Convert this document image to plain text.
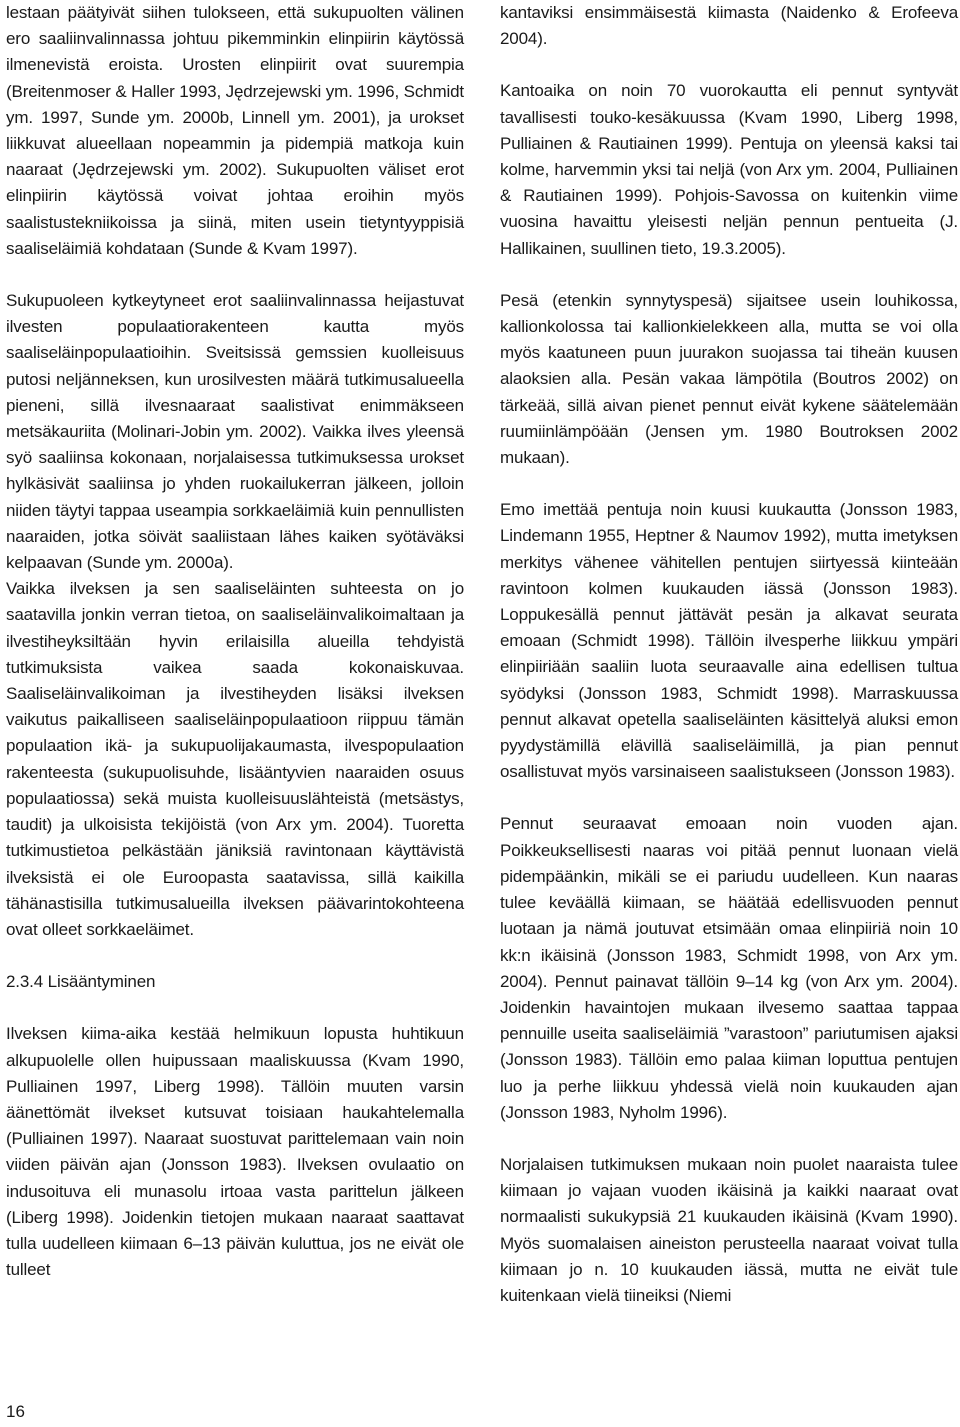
lestaan päätyivät siihen tulokseen, että sukupuolten välinen ero saaliinvalinnassa johtuu pikemminkin elinpiirin käytössä ilmenevistä eroista. Urosten elinpiirit ovat suurempia (Breitenmoser & Haller 1993, Jędrzejewski ym. 1996, Schmidt ym. 1997, Sunde ym. 2000b, Linnell ym. 2001), ja urokset liikkuvat alueellaan nopeammin ja pidempiä matkoja kuin naaraat (Jędrzejewski ym. 2002). Sukupuolten väliset erot elinpiirin käytössä voivat johtaa eroihin myös saalistustekniikoissa ja siinä, miten usein tietyntyyppisiä saaliseläimiä kohdataan (Sunde & Kvam 1997).

Sukupuoleen kytkeytyneet erot saaliinvalinnassa heijastuvat ilvesten populaatiorakenteen kautta myös saaliseläinpopulaatioihin. Sveitsissä gemssien kuolleisuus putosi neljänneksen, kun urosilvesten määrä tutkimusalueella pieneni, sillä ilvesnaaraat saalistivat enimmäkseen metsäkauriita (Molinari-Jobin ym. 2002). Vaikka ilves yleensä syö saaliinsa kokonaan, norjalaisessa tutkimuksessa urokset hylkäsivät saaliinsa jo yhden ruokailukerran jälkeen, jolloin niiden täytyi tappaa useampia sorkkaeläimiä kuin pennullisten naaraiden, jotka söivät saaliistaan lähes kaiken syötäväksi kelpaavan (Sunde ym. 2000a).

Vaikka ilveksen ja sen saaliseläinten suhteesta on jo saatavilla jonkin verran tietoa, on saaliseläinvalikoimaltaan ja ilvestiheyksiltään hyvin erilaisilla alueilla tehdyistä tutkimuksista vaikea saada kokonaiskuvaa. Saaliseläinvalikoiman ja ilvestiheyden lisäksi ilveksen vaikutus paikalliseen saaliseläinpopulaatioon riippuu tämän populaation ikä- ja sukupuolijakaumasta, ilvespopulaation rakenteesta (sukupuolisuhde, lisääntyvien naaraiden osuus populaatiossa) sekä muista kuolleisuuslähteistä (metsästys, taudit) ja ulkoisista tekijöistä (von Arx ym. 2004). Tuoretta tutkimustietoa pelkästään jäniksiä ravintonaan käyttävistä ilveksistä ei ole Euroopasta saatavissa, sillä kaikilla tähänastisilla tutkimusalueilla ilveksen päävarintokohteena ovat olleet sorkkaeläimet.

2.3.4 Lisääntyminen

Ilveksen kiima-aika kestää helmikuun lopusta huhtikuun alkupuolelle ollen huipussaan maaliskuussa (Kvam 1990, Pulliainen 1997, Liberg 1998). Tällöin muuten varsin äänettömät ilvekset kutsuvat toisiaan haukahtelemalla (Pulliainen 1997). Naaraat suostuvat parittelemaan vain noin viiden päivän ajan (Jonsson 1983). Ilveksen ovulaatio on indusoituva eli munasolu irtoaa vasta parittelun jälkeen (Liberg 1998). Joidenkin tietojen mukaan naaraat saattavat tulla uudelleen kiimaan 6–13 päivän kuluttua, jos ne eivät ole tulleet

kantaviksi ensimmäisestä kiimasta (Naidenko & Erofeeva 2004).

Kantoaika on noin 70 vuorokautta eli pennut syntyvät tavallisesti touko-kesäkuussa (Kvam 1990, Liberg 1998, Pulliainen & Rautiainen 1999). Pentuja on yleensä kaksi tai kolme, harvemmin yksi tai neljä (von Arx ym. 2004, Pulliainen & Rautiainen 1999). Pohjois-Savossa on kuitenkin viime vuosina havaittu yleisesti neljän pennun pentueita (J. Hallikainen, suullinen tieto, 19.3.2005).

Pesä (etenkin synnytyspesä) sijaitsee usein louhikossa, kallionkolossa tai kallionkielekkeen alla, mutta se voi olla myös kaatuneen puun juurakon suojassa tai tiheän kuusen alaoksien alla. Pesän vakaa lämpötila (Boutros 2002) on tärkeää, sillä aivan pienet pennut eivät kykene säätelemään ruumiinlämpöään (Jensen ym. 1980 Boutroksen 2002 mukaan).

Emo imettää pentuja noin kuusi kuukautta (Jonsson 1983, Lindemann 1955, Heptner & Naumov 1992), mutta imetyksen merkitys vähenee vähitellen pentujen siirtyessä kiinteään ravintoon kolmen kuukauden iässä (Jonsson 1983). Loppukesällä pennut jättävät pesän ja alkavat seurata emoaan (Schmidt 1998). Tällöin ilvesperhe liikkuu ympäri elinpiiriään saaliin luota seuraavalle aina edellisen tultua syödyksi (Jonsson 1983, Schmidt 1998). Marraskuussa pennut alkavat opetella saaliseläinten käsittelyä aluksi emon pyydystämillä elävillä saaliseläimillä, ja pian pennut osallistuvat myös varsinaiseen saalistukseen (Jonsson 1983).

Pennut seuraavat emoaan noin vuoden ajan. Poikkeuksellisesti naaras voi pitää pennut luonaan vielä pidempäänkin, mikäli se ei pariudu uudelleen. Kun naaras tulee keväällä kiimaan, se häätää edellisvuoden pennut luotaan ja nämä joutuvat etsimään omaa elinpiiriä noin 10 kk:n ikäisinä (Jonsson 1983, Schmidt 1998, von Arx ym. 2004). Pennut painavat tällöin 9–14 kg (von Arx ym. 2004). Joidenkin havaintojen mukaan ilvesemo saattaa tappaa pennuille useita saaliseläimiä ”varastoon” pariutumisen ajaksi (Jonsson 1983). Tällöin emo palaa kiiman loputtua pentujen luo ja perhe liikkuu yhdessä vielä noin kuukauden ajan (Jonsson 1983, Nyholm 1996).

Norjalaisen tutkimuksen mukaan noin puolet naaraista tulee kiimaan jo vajaan vuoden ikäisinä ja kaikki naaraat ovat normaalisti sukukypsiä 21 kuukauden ikäisinä (Kvam 1990). Myös suomalaisen aineiston perusteella naaraat voivat tulla kiimaan jo n. 10 kuukauden iässä, mutta ne eivät tule kuitenkaan vielä tiineiksi (Niemi

16
